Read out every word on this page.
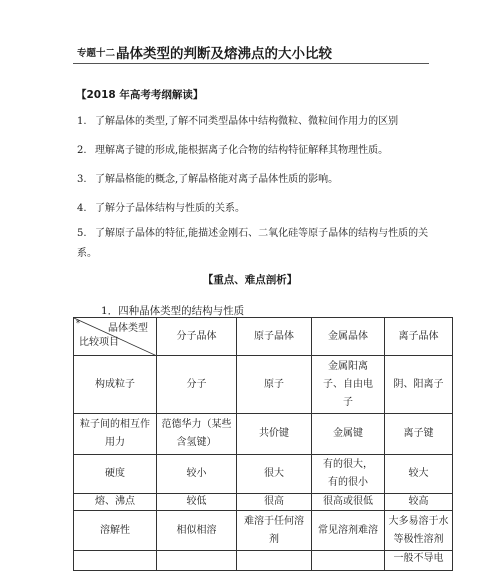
专题十二 晶体类型的判断及熔沸点的大小比较
【2018 年高考考纲解读】
1. 了解晶体的类型,了解不同类型晶体中结构微粒、微粒间作用力的区别
2. 理解离子键的形成,能根据离子化合物的结构特征解释其物理性质。
3. 了解晶格能的概念,了解晶格能对离子晶体性质的影响。
4. 了解分子晶体结构与性质的关系。
5. 了解原子晶体的特征,能描述金刚石、二氧化硅等原子晶体的结构与性质的关系。
【重点、难点剖析】
1．四种晶体类型的结构与性质
* 晶体类型
比较项目	分子晶体	原子晶体	金属晶体	离子晶体
构成粒子	分子	原子	金属阳离子、自由电子	阴、阳离子
粒子间的相互作用力	范德华力（某些含氢键）	共价键	金属键	离子键
硬度	较小	很大	有的很大，有的很小	较大
熔、沸点	较低	很高	很高或很低	较高
溶解性	相似相溶	难溶于任何溶剂	常见溶剂难溶	大多易溶于水等极性溶剂
				一般不导电
